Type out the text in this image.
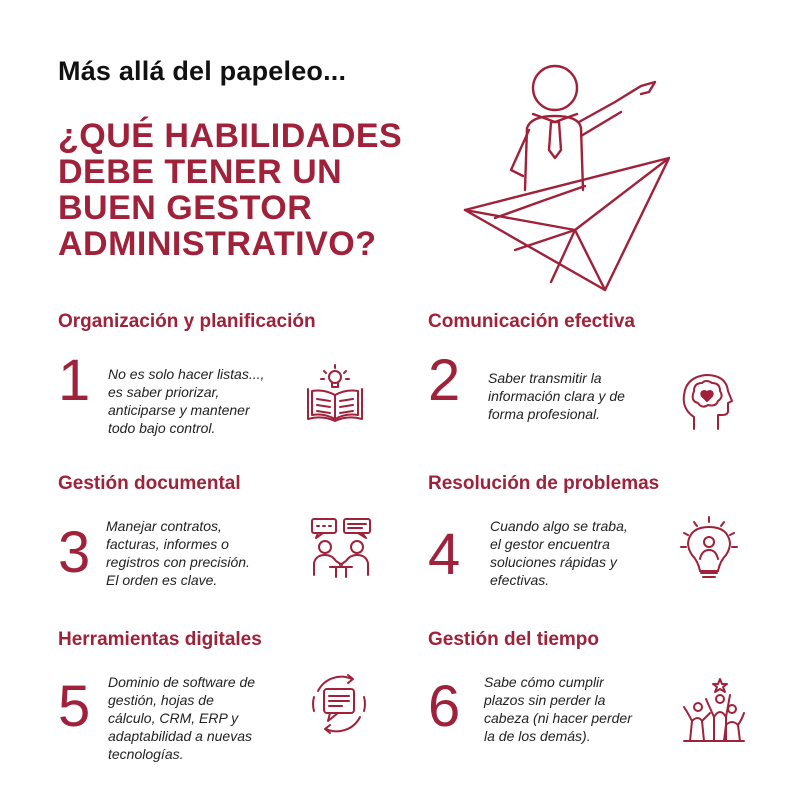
Más allá del papeleo...
¿QUÉ HABILIDADES
DEBE TENER UN
BUEN GESTOR
ADMINISTRATIVO?
Organización y planificación
1 No es solo hacer listas...,
es saber priorizar,
anticiparse y mantener
todo bajo control.
Comunicación efectiva
2 Saber transmitir la
información clara y de
forma profesional.
Gestión documental
3 Manejar contratos,
facturas, informes o
registros con precisión.
El orden es clave.
Resolución de problemas
4 Cuando algo se traba,
el gestor encuentra
soluciones rápidas y
efectivas.
Herramientas digitales
5 Dominio de software de
gestión, hojas de
cálculo, CRM, ERP y
adaptabilidad a nuevas
tecnologías.
Gestión del tiempo
6 Sabe cómo cumplir
plazos sin perder la
cabeza (ni hacer perder
la de los demás).
